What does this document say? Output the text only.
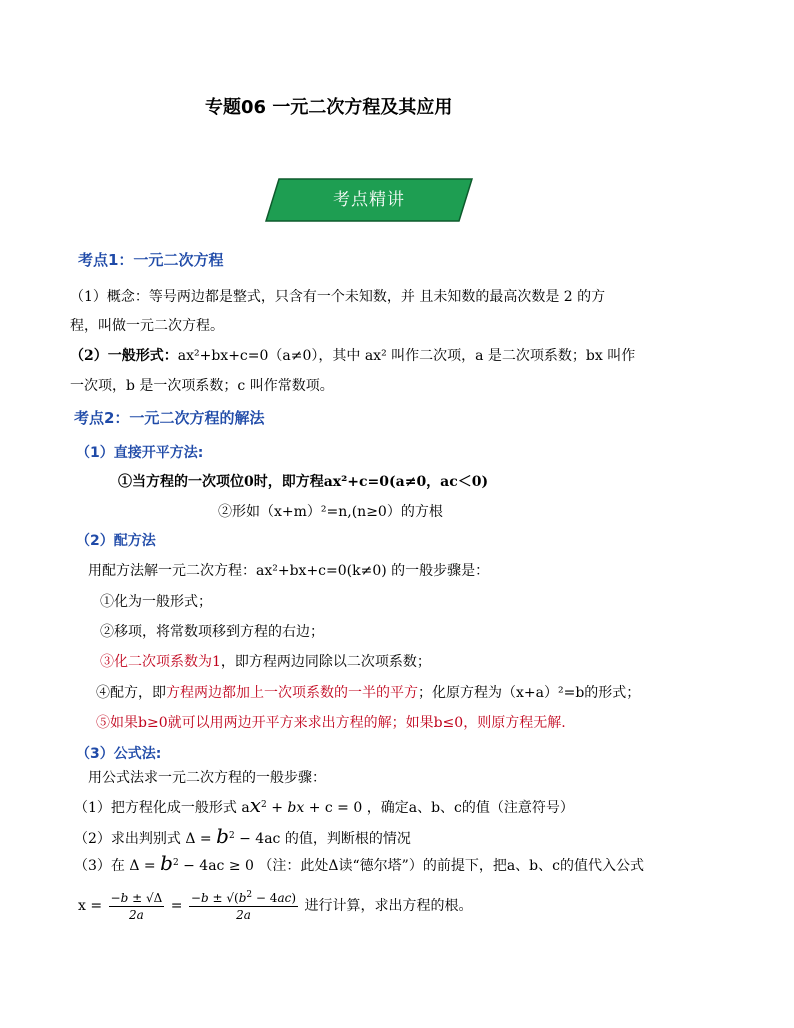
专题06 一元二次方程及其应用
考点精讲
考点1：一元二次方程
（1）概念：等号两边都是整式，只含有一个未知数，并 且未知数的最高次数是 2 的方
程，叫做一元二次方程。
（2）一般形式：ax²+bx+c=0（a≠0），其中 ax² 叫作二次项，a 是二次项系数；bx 叫作
一次项，b 是一次项系数；c 叫作常数项。
考点2：一元二次方程的解法
（1）直接开平方法:
①当方程的一次项位0时，即方程ax²+c=0(a≠0，ac＜0)
②形如（x+m）²=n,(n≥0）的方根
（2）配方法
用配方法解一元二次方程：ax²+bx+c=0(k≠0) 的一般步骤是：
①化为一般形式；
②移项，将常数项移到方程的右边；
③化二次项系数为1，即方程两边同除以二次项系数；
④配方，即方程两边都加上一次项系数的一半的平方；化原方程为（x+a）²=b的形式；
⑤如果b≥0就可以用两边开平方来求出方程的解；如果b≤0，则原方程无解.
（3）公式法:
用公式法求一元二次方程的一般步骤：
（1）把方程化成一般形式 $ax^2$ + bx + c = 0 ，确定a、b、c的值（注意符号）
（2）求出判别式 $\Delta = b^2 - 4ac$ 的值，判断根的情况
（3）在 $\Delta = b^2 - 4ac \ge 0$ （注：此处Δ读“德尔塔”）的前提下，把a、b、c的值代入公式
$x = \frac{-b \pm √\Delta}{2a} = \frac{-b \pm √(b^2 - 4ac)}{2a}$ 进行计算，求出方程的根。
